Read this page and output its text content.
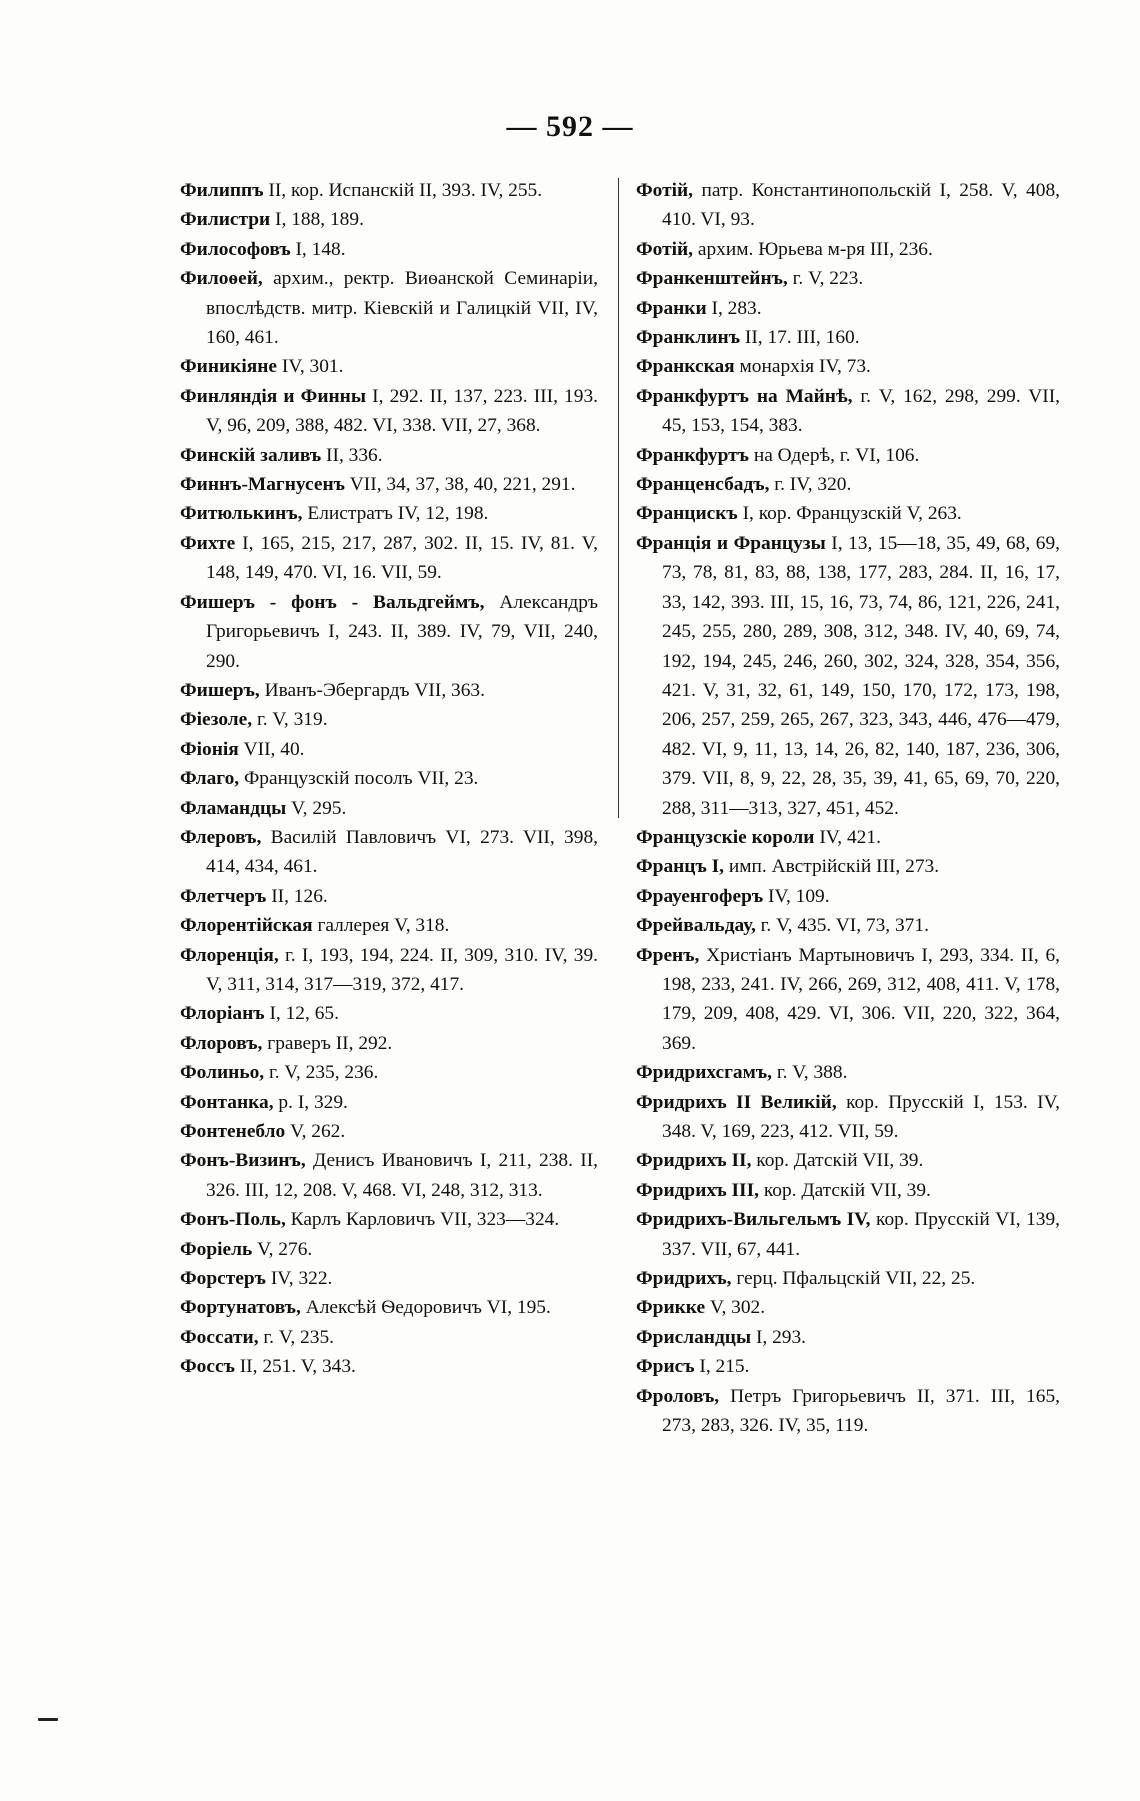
— 592 —

Филиппъ II, кор. Испанскій II, 393. IV, 255.

Филистри I, 188, 189.

Философовъ I, 148.

Филоѳей, архим., ректр. Виѳанской Семинаріи, впослѣдств. митр. Кіевскій и Галицкій VII, IV, 160, 461.

Финикіяне IV, 301.

Финляндія и Финны I, 292. II, 137, 223. III, 193. V, 96, 209, 388, 482. VI, 338. VII, 27, 368.

Финскій заливъ II, 336.

Финнъ-Магнусенъ VII, 34, 37, 38, 40, 221, 291.

Фитюлькинъ, Елистратъ IV, 12, 198.

Фихте I, 165, 215, 217, 287, 302. II, 15. IV, 81. V, 148, 149, 470. VI, 16. VII, 59.

Фишеръ - фонъ - Вальдгеймъ, Александръ Григорьевичъ I, 243. II, 389. IV, 79, VII, 240, 290.

Фишеръ, Иванъ-Эбергардъ VII, 363.

Фіезоле, г. V, 319.

Фіонія VII, 40.

Флаго, Французскій посолъ VII, 23.

Фламандцы V, 295.

Флеровъ, Василій Павловичъ VI, 273. VII, 398, 414, 434, 461.

Флетчеръ II, 126.

Флорентійская галлерея V, 318.

Флоренція, г. I, 193, 194, 224. II, 309, 310. IV, 39. V, 311, 314, 317—319, 372, 417.

Флоріанъ I, 12, 65.

Флоровъ, граверъ II, 292.

Фолиньо, г. V, 235, 236.

Фонтанка, р. I, 329.

Фонтенебло V, 262.

Фонъ-Визинъ, Денисъ Ивановичъ I, 211, 238. II, 326. III, 12, 208. V, 468. VI, 248, 312, 313.

Фонъ-Поль, Карлъ Карловичъ VII, 323—324.

Форіель V, 276.

Форстеръ IV, 322.

Фортунатовъ, Алексѣй Ѳедоровичъ VI, 195.

Фоссати, г. V, 235.

Фоссъ II, 251. V, 343.

Фотій, патр. Константинопольскій I, 258. V, 408, 410. VI, 93.

Фотій, архим. Юрьева м-ря III, 236.

Франкенштейнъ, г. V, 223.

Франки I, 283.

Франклинъ II, 17. III, 160.

Франкская монархія IV, 73.

Франкфуртъ на Майнѣ, г. V, 162, 298, 299. VII, 45, 153, 154, 383.

Франкфуртъ на Одерѣ, г. VI, 106.

Франценсбадъ, г. IV, 320.

Францискъ I, кор. Французскій V, 263.

Франція и Французы I, 13, 15—18, 35, 49, 68, 69, 73, 78, 81, 83, 88, 138, 177, 283, 284. II, 16, 17, 33, 142, 393. III, 15, 16, 73, 74, 86, 121, 226, 241, 245, 255, 280, 289, 308, 312, 348. IV, 40, 69, 74, 192, 194, 245, 246, 260, 302, 324, 328, 354, 356, 421. V, 31, 32, 61, 149, 150, 170, 172, 173, 198, 206, 257, 259, 265, 267, 323, 343, 446, 476—479, 482. VI, 9, 11, 13, 14, 26, 82, 140, 187, 236, 306, 379. VII, 8, 9, 22, 28, 35, 39, 41, 65, 69, 70, 220, 288, 311—313, 327, 451, 452.

Французскіе короли IV, 421.

Францъ I, имп. Австрійскій III, 273.

Фрауенгоферъ IV, 109.

Фрейвальдау, г. V, 435. VI, 73, 371.

Френъ, Христіанъ Мартыновичъ I, 293, 334. II, 6, 198, 233, 241. IV, 266, 269, 312, 408, 411. V, 178, 179, 209, 408, 429. VI, 306. VII, 220, 322, 364, 369.

Фридрихсгамъ, г. V, 388.

Фридрихъ II Великій, кор. Прусскій I, 153. IV, 348. V, 169, 223, 412. VII, 59.

Фридрихъ II, кор. Датскій VII, 39.

Фридрихъ III, кор. Датскій VII, 39.

Фридрихъ-Вильгельмъ IV, кор. Прусскій VI, 139, 337. VII, 67, 441.

Фридрихъ, герц. Пфальцскій VII, 22, 25.

Фрикке V, 302.

Фрисландцы I, 293.

Фрисъ I, 215.

Фроловъ, Петръ Григорьевичъ II, 371. III, 165, 273, 283, 326. IV, 35, 119.
